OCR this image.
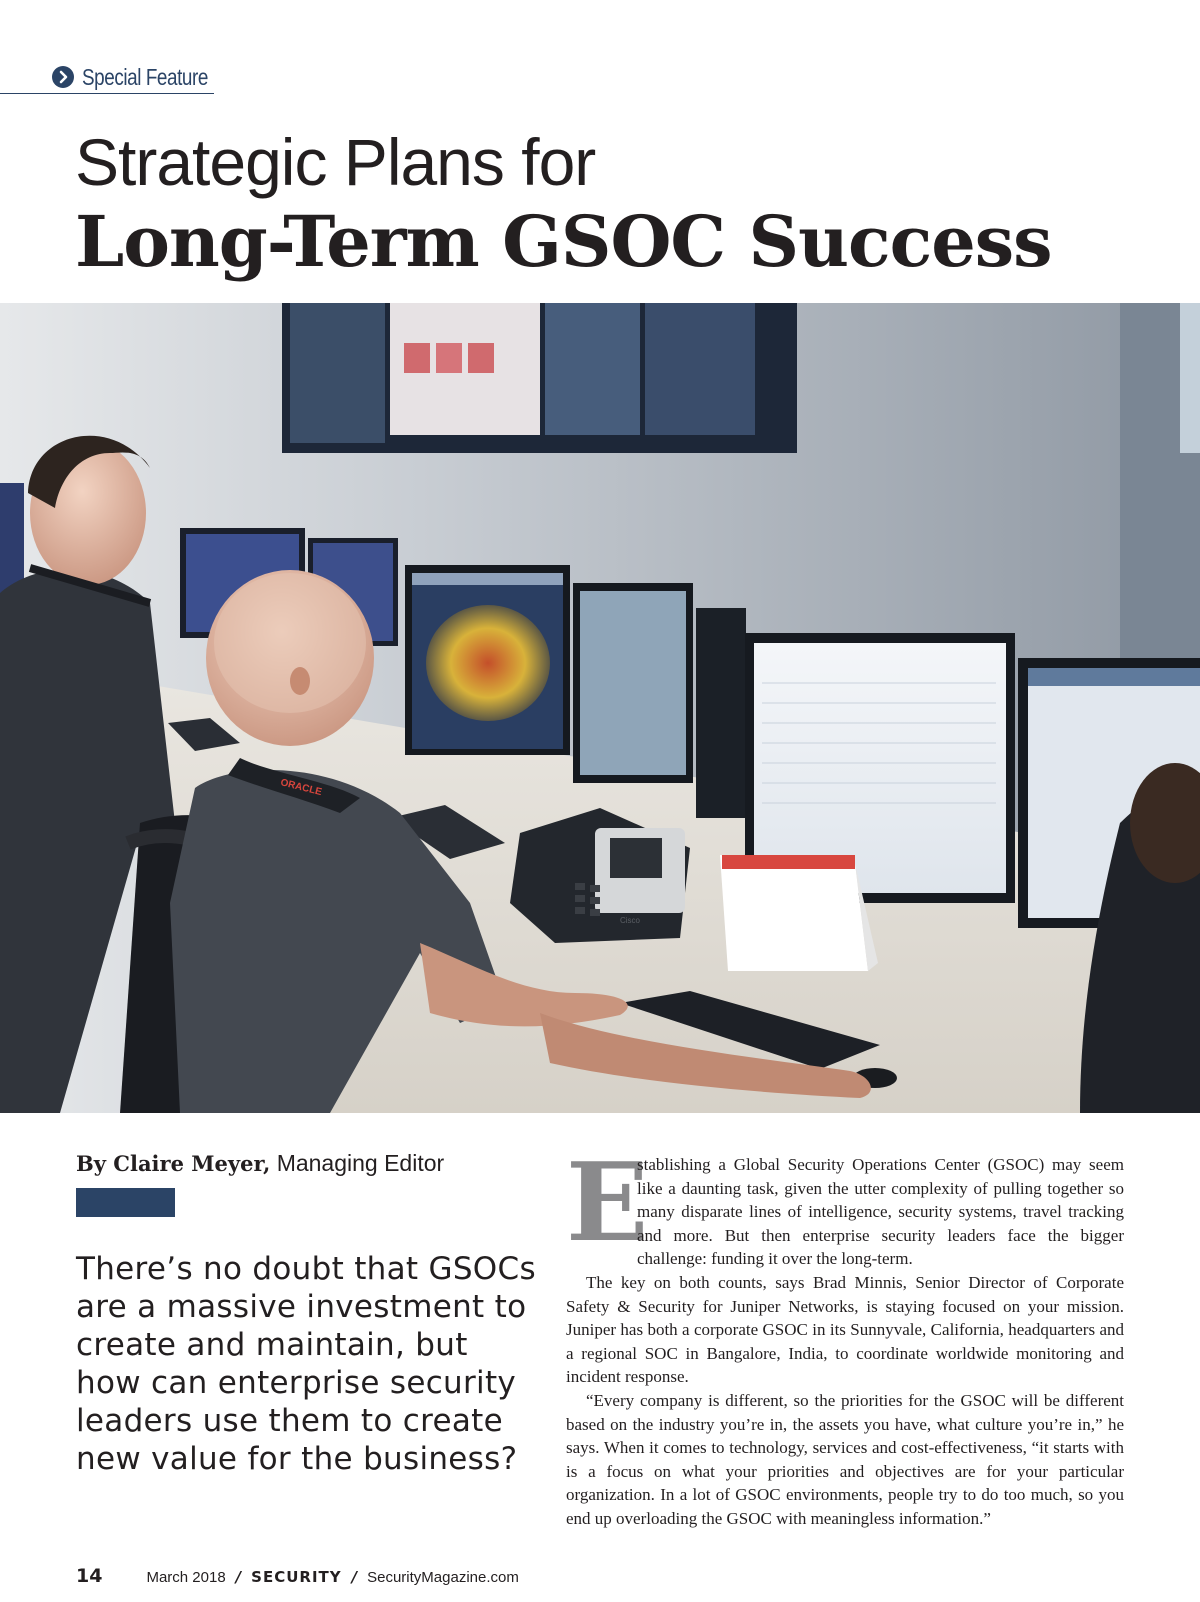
Special Feature
Strategic Plans for
Long-Term GSOC Success
Cisco
ORACLE
By Claire Meyer, Managing Editor

There’s no doubt that GSOCs are a massive investment to create and maintain, but how can enterprise security leaders use them to create new value for the business?

E
stablishing a Global Security Operations Center (GSOC) may seem like a daunting task, given the utter complexity of pulling together so many disparate lines of intelligence, security systems, travel tracking and more. But then enterprise security leaders face the bigger challenge: funding it over the long-term.

The key on both counts, says Brad Minnis, Senior Director of Corporate Safety & Security for Juniper Networks, is staying focused on your mission. Juniper has both a corporate GSOC in its Sunnyvale, California, headquarters and a regional SOC in Bangalore, India, to coordinate worldwide monitoring and incident response.

“Every company is different, so the priorities for the GSOC will be different based on the industry you’re in, the assets you have, what culture you’re in,” he says. When it comes to technology, services and cost-effectiveness, “it starts with is a focus on what your priorities and objectives are for your particular organization. In a lot of GSOC environments, people try to do too much, so you end up overloading the GSOC with meaningless information.”

14	March 2018 / SECURITY / SecurityMagazine.com
